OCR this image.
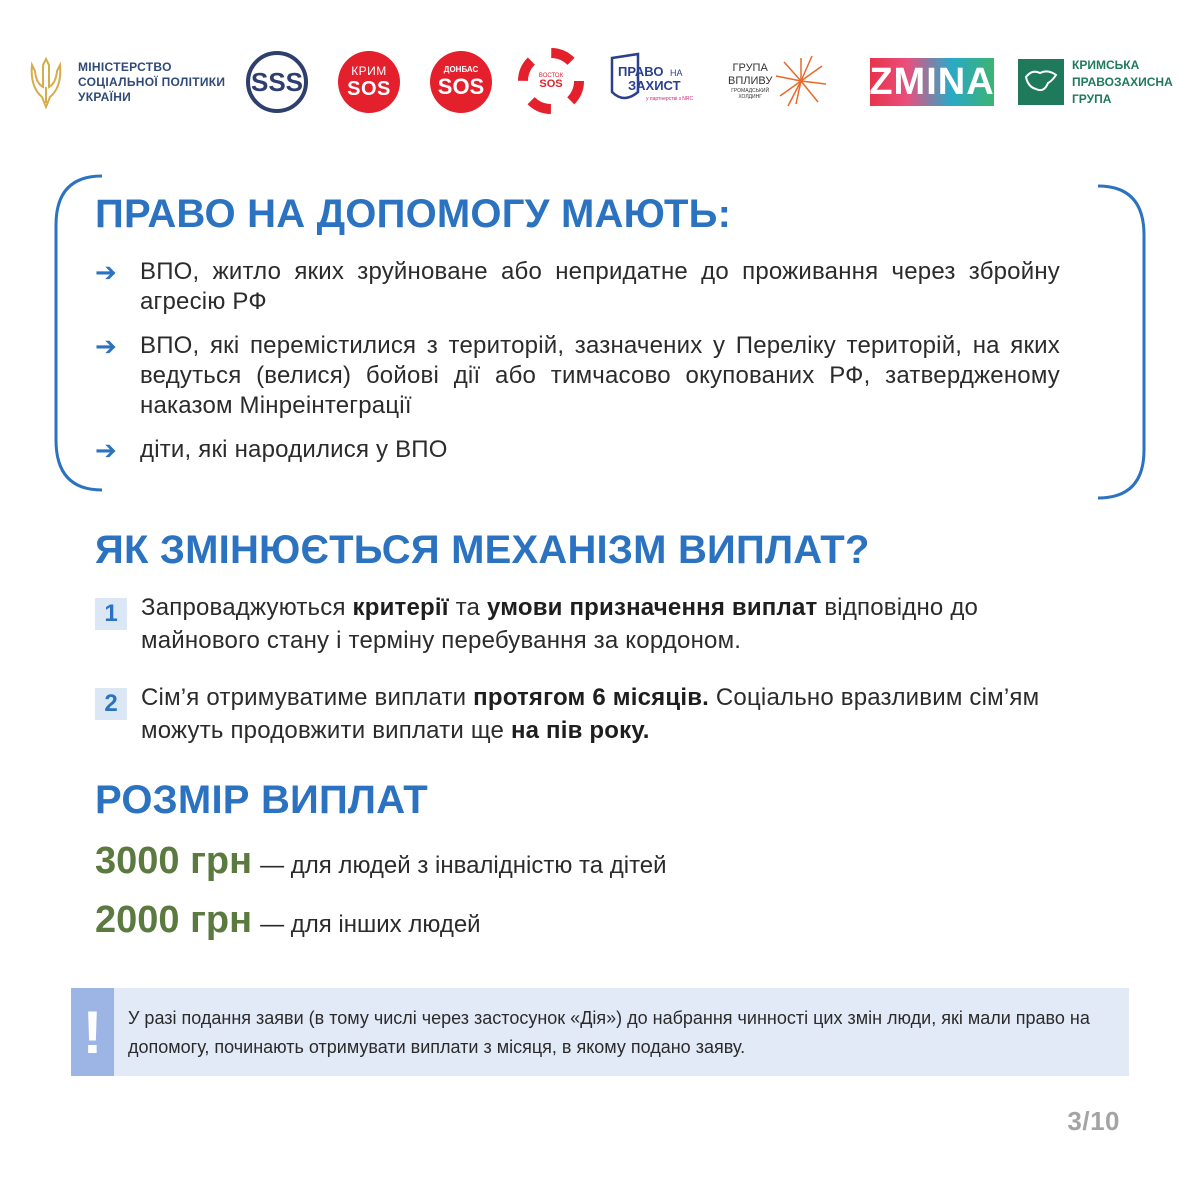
МІНІСТЕРСТВО
СОЦІАЛЬНОЇ ПОЛІТИКИ
УКРАЇНИ
SSS	КРИМ
SOS
ДОНБАС
SOS	ВОСТОК
SOS
ПРАВО НА
ЗАХИСТ
у партнерстві з NRC
ГРУПА
ВПЛИВУ
ГРОМАДСЬКИЙ
ХОЛДИНГ	ZMINA	КРИМСЬКА
ПРАВОЗАХИСНА
ГРУПА
ПРАВО НА ДОПОМОГУ МАЮТЬ:
➔ ВПО, житло яких зруйноване або непридатне до проживання через збройну агресію РФ
➔ ВПО, які перемістилися з територій, зазначених у Переліку територій, на яких ведуться (велися) бойові дії або тимчасово окупованих РФ, затвердженому наказом Мінреінтеграції
➔ діти, які народилися у ВПО
ЯК ЗМІНЮЄТЬСЯ МЕХАНІЗМ ВИПЛАТ?
1 Запроваджуються критерії та умови призначення виплат відповідно до майнового стану і терміну перебування за кордоном.
2 Сім’я отримуватиме виплати протягом 6 місяців. Соціально вразливим сім’ям можуть продовжити виплати ще на пів року.
РОЗМІР ВИПЛАТ
3000 грн — для людей з інвалідністю та дітей
2000 грн — для інших людей
!	У разі подання заяви (в тому числі через застосунок «Дія») до набрання чинності цих змін люди, які мали право на допомогу, починають отримувати виплати з місяця, в якому подано заяву.
3/10
